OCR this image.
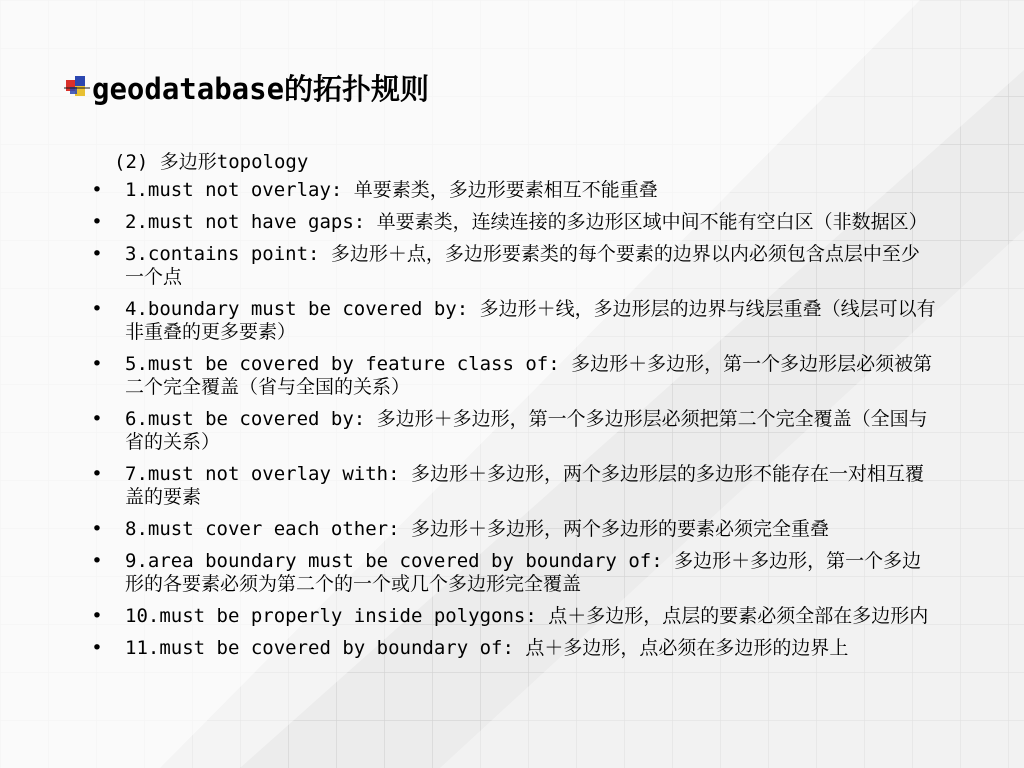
geodatabase的拓扑规则
(2) 多边形topology
• 1.must not overlay: 单要素类，多边形要素相互不能重叠
• 2.must not have gaps: 单要素类，连续连接的多边形区域中间不能有空白区（非数据区）
• 3.contains point: 多边形＋点，多边形要素类的每个要素的边界以内必须包含点层中至少一个点
• 4.boundary must be covered by: 多边形＋线，多边形层的边界与线层重叠（线层可以有非重叠的更多要素）
• 5.must be covered by feature class of: 多边形＋多边形，第一个多边形层必须被第二个完全覆盖（省与全国的关系）
• 6.must be covered by: 多边形＋多边形，第一个多边形层必须把第二个完全覆盖（全国与省的关系）
• 7.must not overlay with: 多边形＋多边形，两个多边形层的多边形不能存在一对相互覆盖的要素
• 8.must cover each other: 多边形＋多边形，两个多边形的要素必须完全重叠
• 9.area boundary must be covered by boundary of: 多边形＋多边形，第一个多边形的各要素必须为第二个的一个或几个多边形完全覆盖
• 10.must be properly inside polygons: 点＋多边形，点层的要素必须全部在多边形内
• 11.must be covered by boundary of: 点＋多边形，点必须在多边形的边界上
